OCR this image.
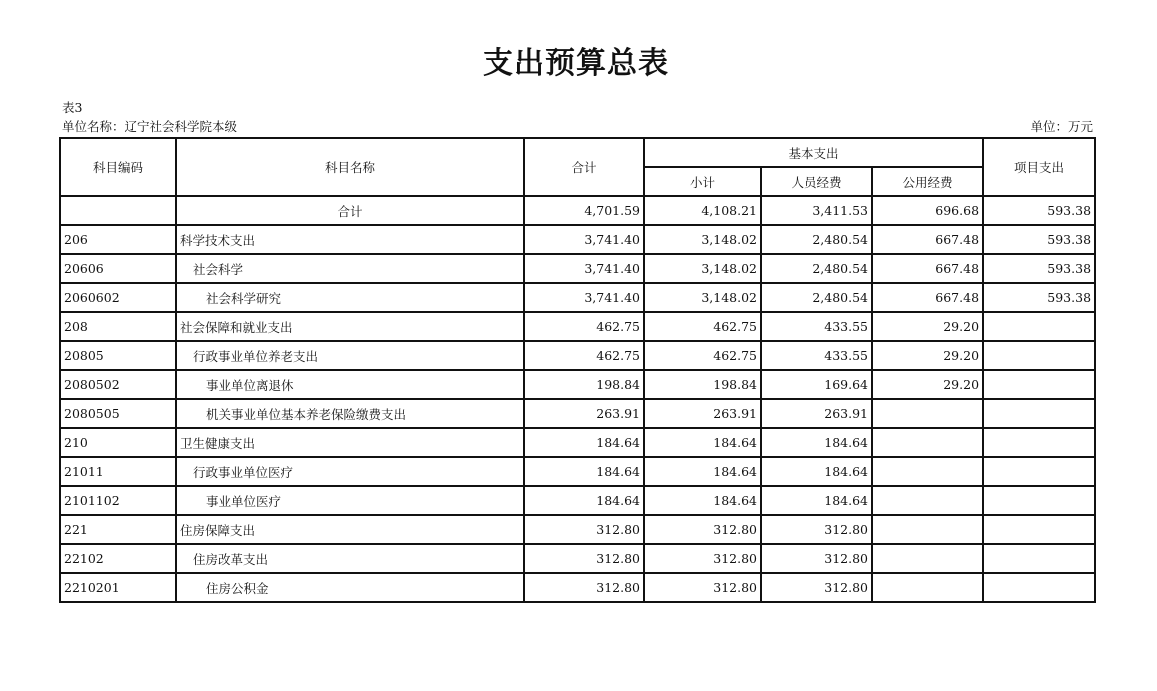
支出预算总表
表3
单位名称：辽宁社会科学院本级	单位：万元
科目编码	科目名称	合计	基本支出			项目支出
			小计	人员经费	公用经费	
	合计	4,701.59	4,108.21	3,411.53	696.68	593.38
206	科学技术支出	3,741.40	3,148.02	2,480.54	667.48	593.38
20606	社会科学	3,741.40	3,148.02	2,480.54	667.48	593.38
2060602	社会科学研究	3,741.40	3,148.02	2,480.54	667.48	593.38
208	社会保障和就业支出	462.75	462.75	433.55	29.20	
20805	行政事业单位养老支出	462.75	462.75	433.55	29.20	
2080502	事业单位离退休	198.84	198.84	169.64	29.20	
2080505	机关事业单位基本养老保险缴费支出	263.91	263.91	263.91		
210	卫生健康支出	184.64	184.64	184.64		
21011	行政事业单位医疗	184.64	184.64	184.64		
2101102	事业单位医疗	184.64	184.64	184.64		
221	住房保障支出	312.80	312.80	312.80		
22102	住房改革支出	312.80	312.80	312.80		
2210201	住房公积金	312.80	312.80	312.80		
